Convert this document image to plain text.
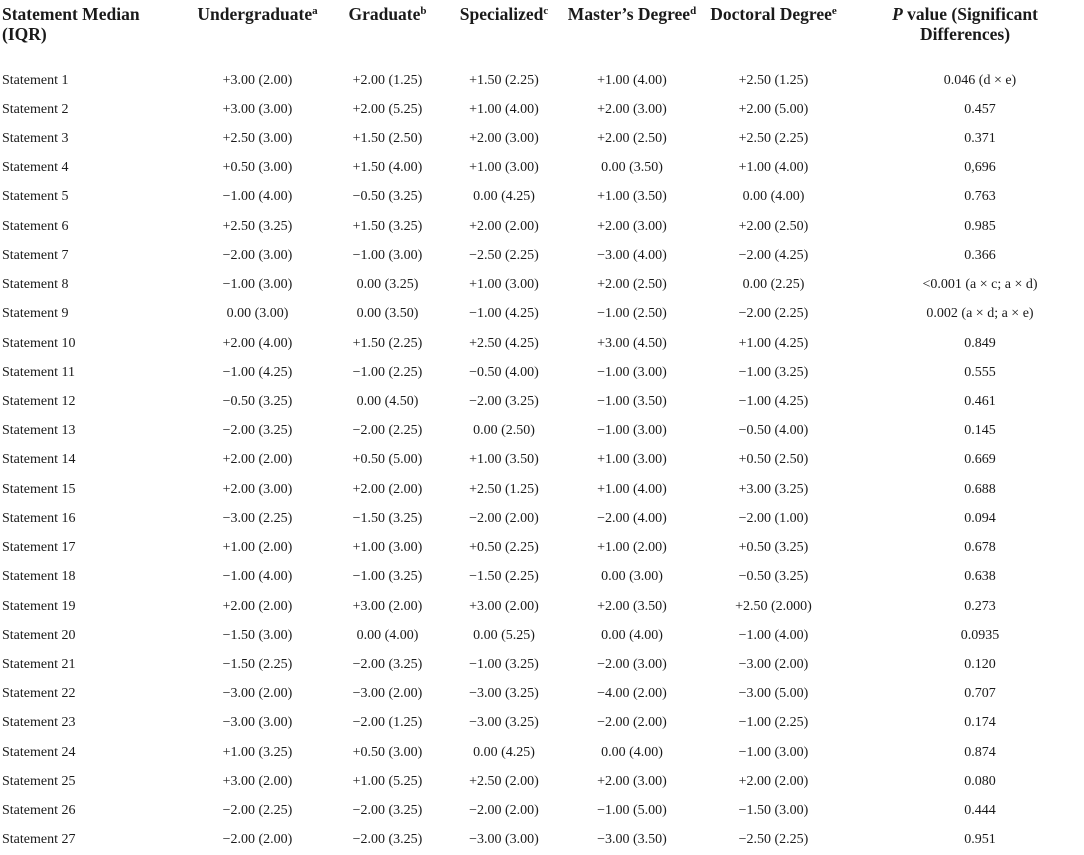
Statement Median (IQR)	Undergraduate$^a$	Graduate$^b$	Specialized$^c$	Master’s Degree$^d$	Doctoral Degree$^e$	P value (Significant Differences)
Statement 1	+3.00 (2.00)	+2.00 (1.25)	+1.50 (2.25)	+1.00 (4.00)	+2.50 (1.25)	0.046 (d × e)
Statement 2	+3.00 (3.00)	+2.00 (5.25)	+1.00 (4.00)	+2.00 (3.00)	+2.00 (5.00)	0.457
Statement 3	+2.50 (3.00)	+1.50 (2.50)	+2.00 (3.00)	+2.00 (2.50)	+2.50 (2.25)	0.371
Statement 4	+0.50 (3.00)	+1.50 (4.00)	+1.00 (3.00)	0.00 (3.50)	+1.00 (4.00)	0,696
Statement 5	−1.00 (4.00)	−0.50 (3.25)	0.00 (4.25)	+1.00 (3.50)	0.00 (4.00)	0.763
Statement 6	+2.50 (3.25)	+1.50 (3.25)	+2.00 (2.00)	+2.00 (3.00)	+2.00 (2.50)	0.985
Statement 7	−2.00 (3.00)	−1.00 (3.00)	−2.50 (2.25)	−3.00 (4.00)	−2.00 (4.25)	0.366
Statement 8	−1.00 (3.00)	0.00 (3.25)	+1.00 (3.00)	+2.00 (2.50)	0.00 (2.25)	<0.001 (a × c; a × d)
Statement 9	0.00 (3.00)	0.00 (3.50)	−1.00 (4.25)	−1.00 (2.50)	−2.00 (2.25)	0.002 (a × d; a × e)
Statement 10	+2.00 (4.00)	+1.50 (2.25)	+2.50 (4.25)	+3.00 (4.50)	+1.00 (4.25)	0.849
Statement 11	−1.00 (4.25)	−1.00 (2.25)	−0.50 (4.00)	−1.00 (3.00)	−1.00 (3.25)	0.555
Statement 12	−0.50 (3.25)	0.00 (4.50)	−2.00 (3.25)	−1.00 (3.50)	−1.00 (4.25)	0.461
Statement 13	−2.00 (3.25)	−2.00 (2.25)	0.00 (2.50)	−1.00 (3.00)	−0.50 (4.00)	0.145
Statement 14	+2.00 (2.00)	+0.50 (5.00)	+1.00 (3.50)	+1.00 (3.00)	+0.50 (2.50)	0.669
Statement 15	+2.00 (3.00)	+2.00 (2.00)	+2.50 (1.25)	+1.00 (4.00)	+3.00 (3.25)	0.688
Statement 16	−3.00 (2.25)	−1.50 (3.25)	−2.00 (2.00)	−2.00 (4.00)	−2.00 (1.00)	0.094
Statement 17	+1.00 (2.00)	+1.00 (3.00)	+0.50 (2.25)	+1.00 (2.00)	+0.50 (3.25)	0.678
Statement 18	−1.00 (4.00)	−1.00 (3.25)	−1.50 (2.25)	0.00 (3.00)	−0.50 (3.25)	0.638
Statement 19	+2.00 (2.00)	+3.00 (2.00)	+3.00 (2.00)	+2.00 (3.50)	+2.50 (2.000)	0.273
Statement 20	−1.50 (3.00)	0.00 (4.00)	0.00 (5.25)	0.00 (4.00)	−1.00 (4.00)	0.0935
Statement 21	−1.50 (2.25)	−2.00 (3.25)	−1.00 (3.25)	−2.00 (3.00)	−3.00 (2.00)	0.120
Statement 22	−3.00 (2.00)	−3.00 (2.00)	−3.00 (3.25)	−4.00 (2.00)	−3.00 (5.00)	0.707
Statement 23	−3.00 (3.00)	−2.00 (1.25)	−3.00 (3.25)	−2.00 (2.00)	−1.00 (2.25)	0.174
Statement 24	+1.00 (3.25)	+0.50 (3.00)	0.00 (4.25)	0.00 (4.00)	−1.00 (3.00)	0.874
Statement 25	+3.00 (2.00)	+1.00 (5.25)	+2.50 (2.00)	+2.00 (3.00)	+2.00 (2.00)	0.080
Statement 26	−2.00 (2.25)	−2.00 (3.25)	−2.00 (2.00)	−1.00 (5.00)	−1.50 (3.00)	0.444
Statement 27	−2.00 (2.00)	−2.00 (3.25)	−3.00 (3.00)	−3.00 (3.50)	−2.50 (2.25)	0.951
